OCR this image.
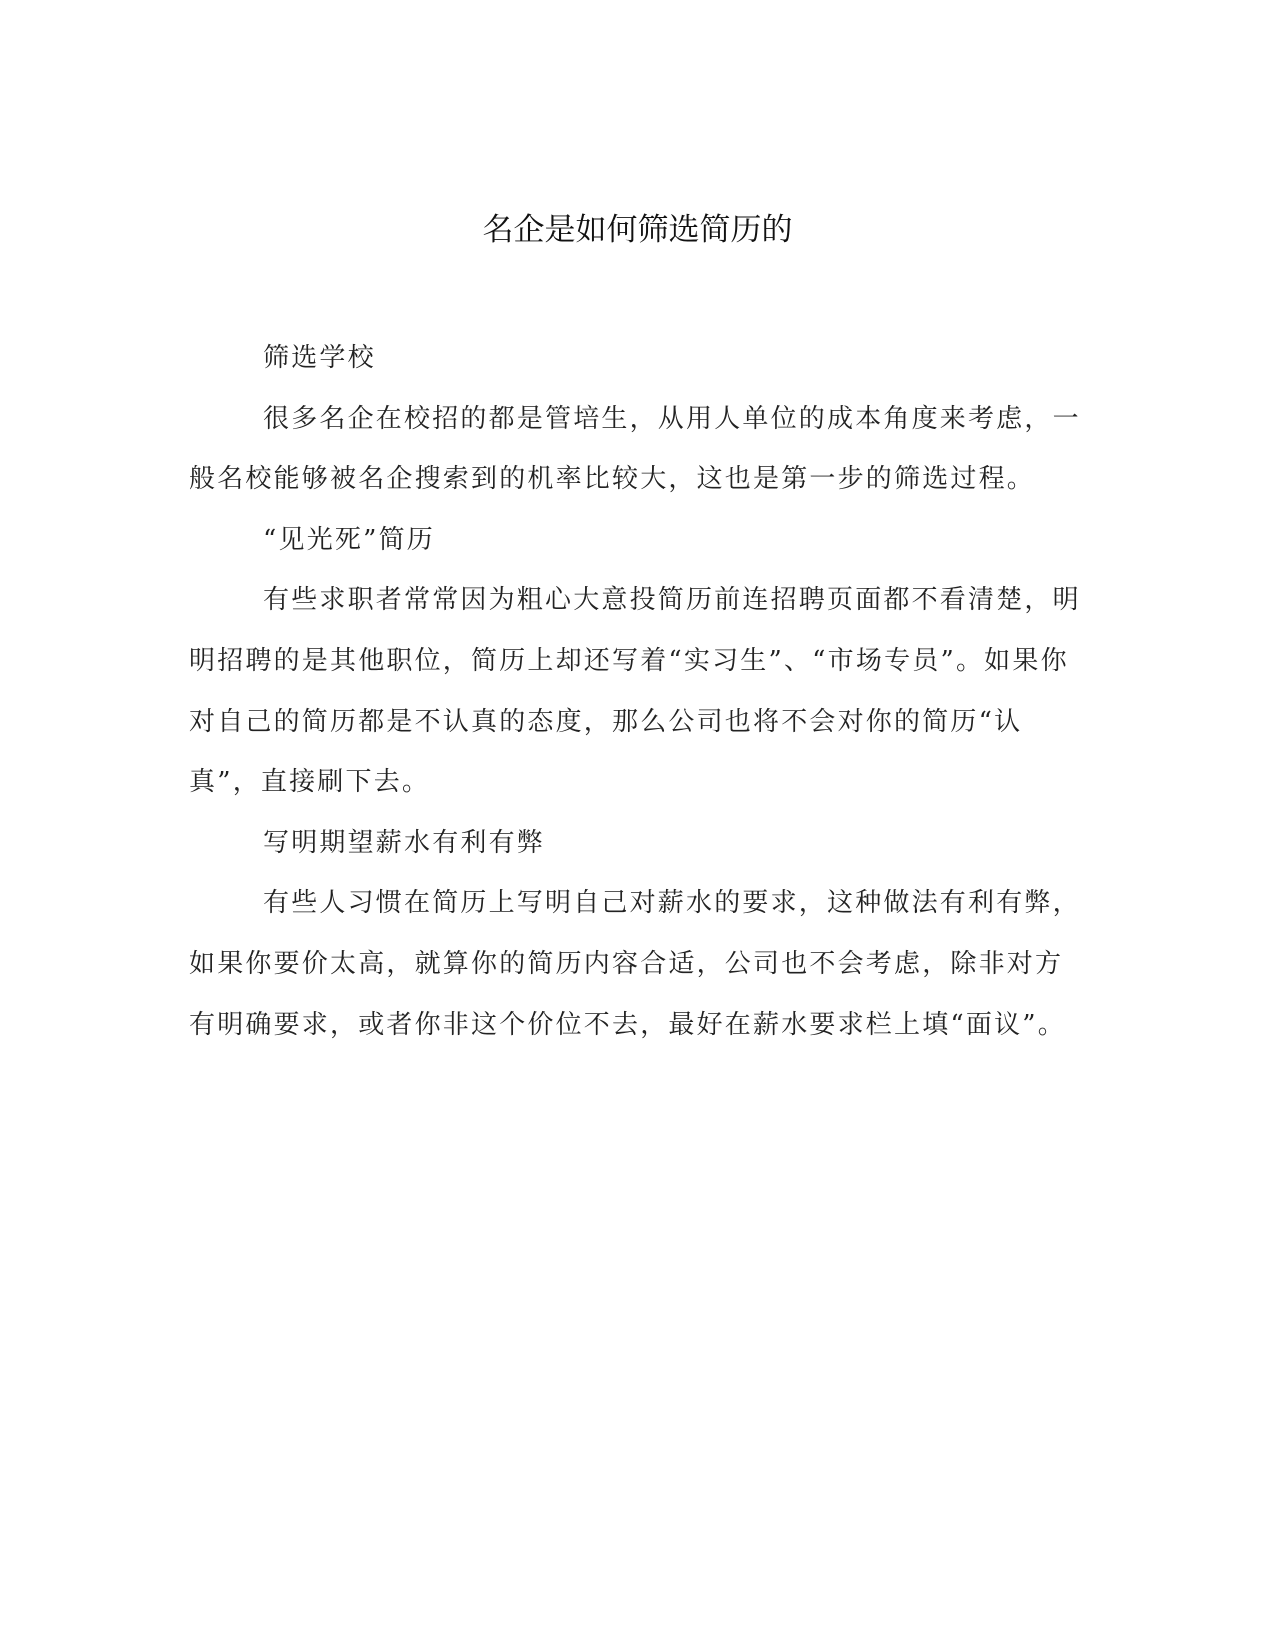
名企是如何筛选简历的

筛选学校

很多名企在校招的都是管培生，从用人单位的成本角度来考虑，一般名校能够被名企搜索到的机率比较大，这也是第一步的筛选过程。

“见光死”简历

有些求职者常常因为粗心大意投简历前连招聘页面都不看清楚，明明招聘的是其他职位，简历上却还写着“实习生”、“市场专员”。如果你对自己的简历都是不认真的态度，那么公司也将不会对你的简历“认真”，直接刷下去。

写明期望薪水有利有弊

有些人习惯在简历上写明自己对薪水的要求，这种做法有利有弊，如果你要价太高，就算你的简历内容合适，公司也不会考虑，除非对方有明确要求，或者你非这个价位不去，最好在薪水要求栏上填“面议”。
